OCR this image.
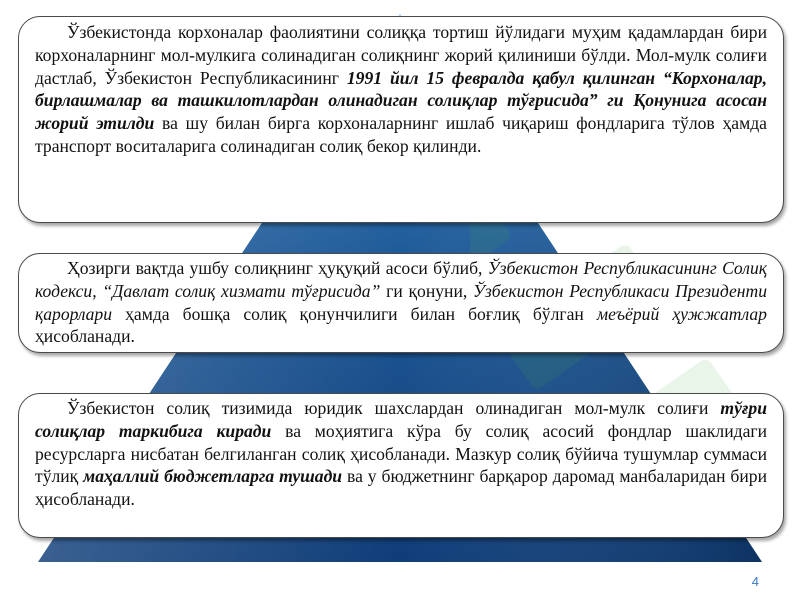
Ўзбекистонда корхоналар фаолиятини солиққа тортиш йўлидаги муҳим қадамлардан бири корхоналарнинг мол-мулкига солинадиган солиқнинг жорий қилиниши бўлди. Мол-мулк солиғи дастлаб, Ўзбекистон Республикасининг 1991 йил 15 февралда қабул қилинган “Корхоналар, бирлашмалар ва ташкилотлардан олинадиган солиқлар тўғрисида” ги Қонунига асосан жорий этилди ва шу билан бирга корхоналарнинг ишлаб чиқариш фондларига тўлов ҳамда транспорт воситаларига солинадиган солиқ бекор қилинди.

Ҳозирги вақтда ушбу солиқнинг ҳуқуқий асоси бўлиб, Ўзбекистон Республикасининг Солиқ кодекси, “Давлат солиқ хизмати тўғрисида” ги қонуни, Ўзбекистон Республикаси Президенти қарорлари ҳамда бошқа солиқ қонунчилиги билан боғлиқ бўлган меъёрий ҳужжатлар ҳисобланади.

Ўзбекистон солиқ тизимида юридик шахслардан олинадиган мол-мулк солиғи тўғри солиқлар таркибига киради ва моҳиятига кўра бу солиқ асосий фондлар шаклидаги ресурсларга нисбатан белгиланган солиқ ҳисобланади. Мазкур солиқ бўйича тушумлар суммаси тўлиқ маҳаллий бюджетларга тушади ва у бюджетнинг барқарор даромад манбаларидан бири ҳисобланади.

4
